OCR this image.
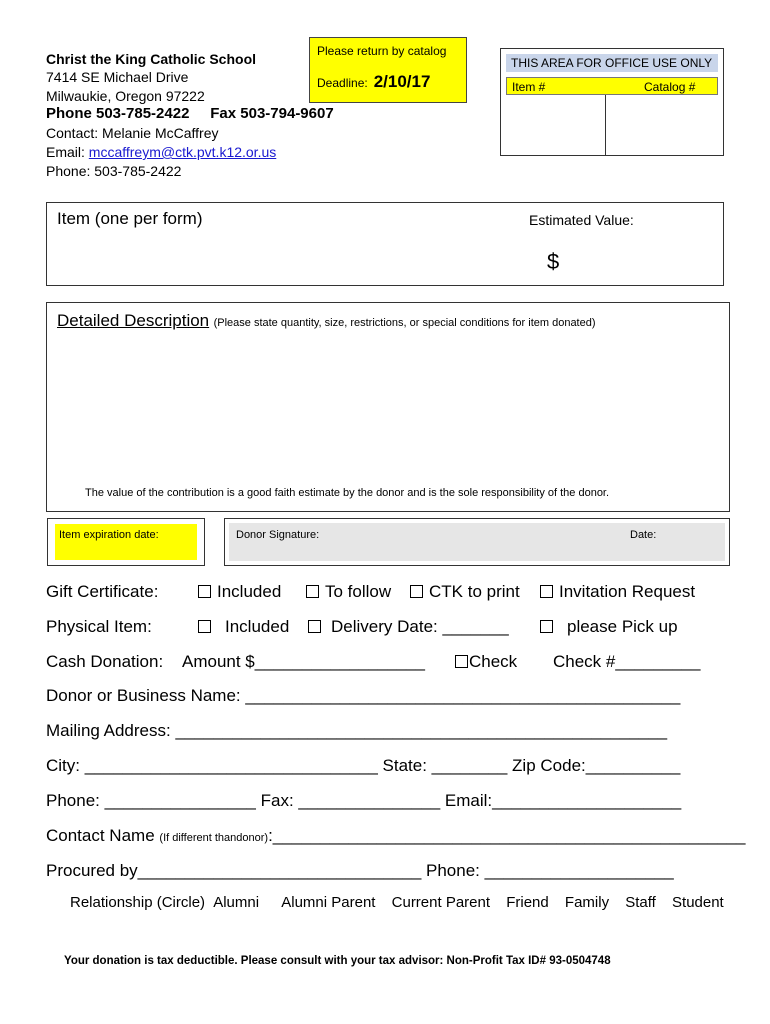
Christ the King Catholic School
7414 SE Michael Drive
Milwaukie, Oregon 97222
Phone 503-785-2422     Fax 503-794-9607
Contact: Melanie McCaffrey
Email: mccaffreym@ctk.pvt.k12.or.us
Phone: 503-785-2422
Please return by catalog
Deadline: 2/10/17
THIS AREA FOR OFFICE USE ONLY
Item #	Catalog #
Item (one per form)	Estimated Value:
$
Detailed Description (Please state quantity, size, restrictions, or special conditions for item donated)
The value of the contribution is a good faith estimate by the donor and is the sole responsibility of the donor.
Item expiration date:	Donor Signature:	Date:
Gift Certificate:	Included	To follow	CTK to print	Invitation Request
Physical Item:	Included	Delivery Date: _______	please Pick up
Cash Donation: Amount $__________________	Check Check #_________
Donor or Business Name: ______________________________________________
Mailing Address: ____________________________________________________
City: _______________________________ State: ________ Zip Code:__________
Phone: ________________ Fax: _______________ Email:____________________
Contact Name (If different thandonor):__________________________________________________
Procured by______________________________ Phone: ____________________
Relationship (Circle) Alumni Alumni Parent Current Parent Friend Family Staff Student
Your donation is tax deductible. Please consult with your tax advisor: Non-Profit Tax ID# 93-0504748
